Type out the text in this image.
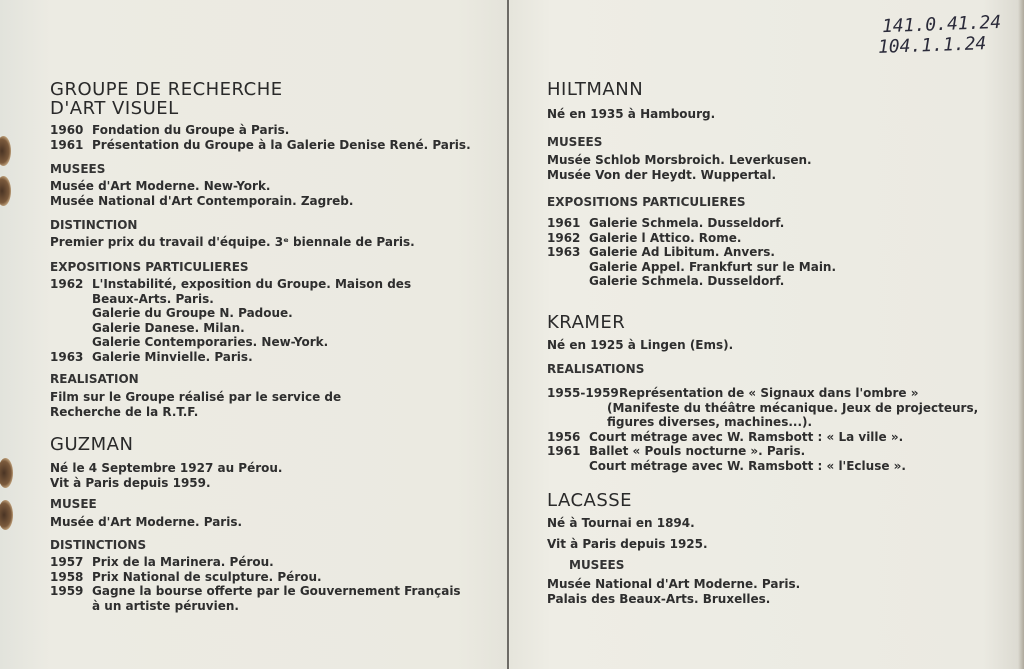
141.0.41.24
104.1.1.24
GROUPE DE RECHERCHE
D'ART VISUEL
1960 Fondation du Groupe à Paris.
1961 Présentation du Groupe à la Galerie Denise René. Paris.
MUSEES
Musée d'Art Moderne. New-York.
Musée National d'Art Contemporain. Zagreb.
DISTINCTION
Premier prix du travail d'équipe. 3ᵉ biennale de Paris.
EXPOSITIONS PARTICULIERES
1962 L'Instabilité, exposition du Groupe. Maison des
Beaux-Arts. Paris.
Galerie du Groupe N. Padoue.
Galerie Danese. Milan.
Galerie Contemporaries. New-York.
1963 Galerie Minvielle. Paris.
REALISATION
Film sur le Groupe réalisé par le service de
Recherche de la R.T.F.
GUZMAN
Né le 4 Septembre 1927 au Pérou.
Vit à Paris depuis 1959.
MUSEE
Musée d'Art Moderne. Paris.
DISTINCTIONS
1957 Prix de la Marinera. Pérou.
1958 Prix National de sculpture. Pérou.
1959 Gagne la bourse offerte par le Gouvernement Français
à un artiste péruvien.
HILTMANN
Né en 1935 à Hambourg.
MUSEES
Musée Schlob Morsbroich. Leverkusen.
Musée Von der Heydt. Wuppertal.
EXPOSITIONS PARTICULIERES
1961 Galerie Schmela. Dusseldorf.
1962 Galerie l Attico. Rome.
1963 Galerie Ad Libitum. Anvers.
Galerie Appel. Frankfurt sur le Main.
Galerie Schmela. Dusseldorf.
KRAMER
Né en 1925 à Lingen (Ems).
REALISATIONS
1955-1959Représentation de « Signaux dans l'ombre »
(Manifeste du théâtre mécanique. Jeux de projecteurs,
figures diverses, machines...).
1956 Court métrage avec W. Ramsbott : « La ville ».
1961 Ballet « Pouls nocturne ». Paris.
Court métrage avec W. Ramsbott : « l'Ecluse ».
LACASSE
Né à Tournai en 1894.
Vit à Paris depuis 1925.
MUSEES
Musée National d'Art Moderne. Paris.
Palais des Beaux-Arts. Bruxelles.
